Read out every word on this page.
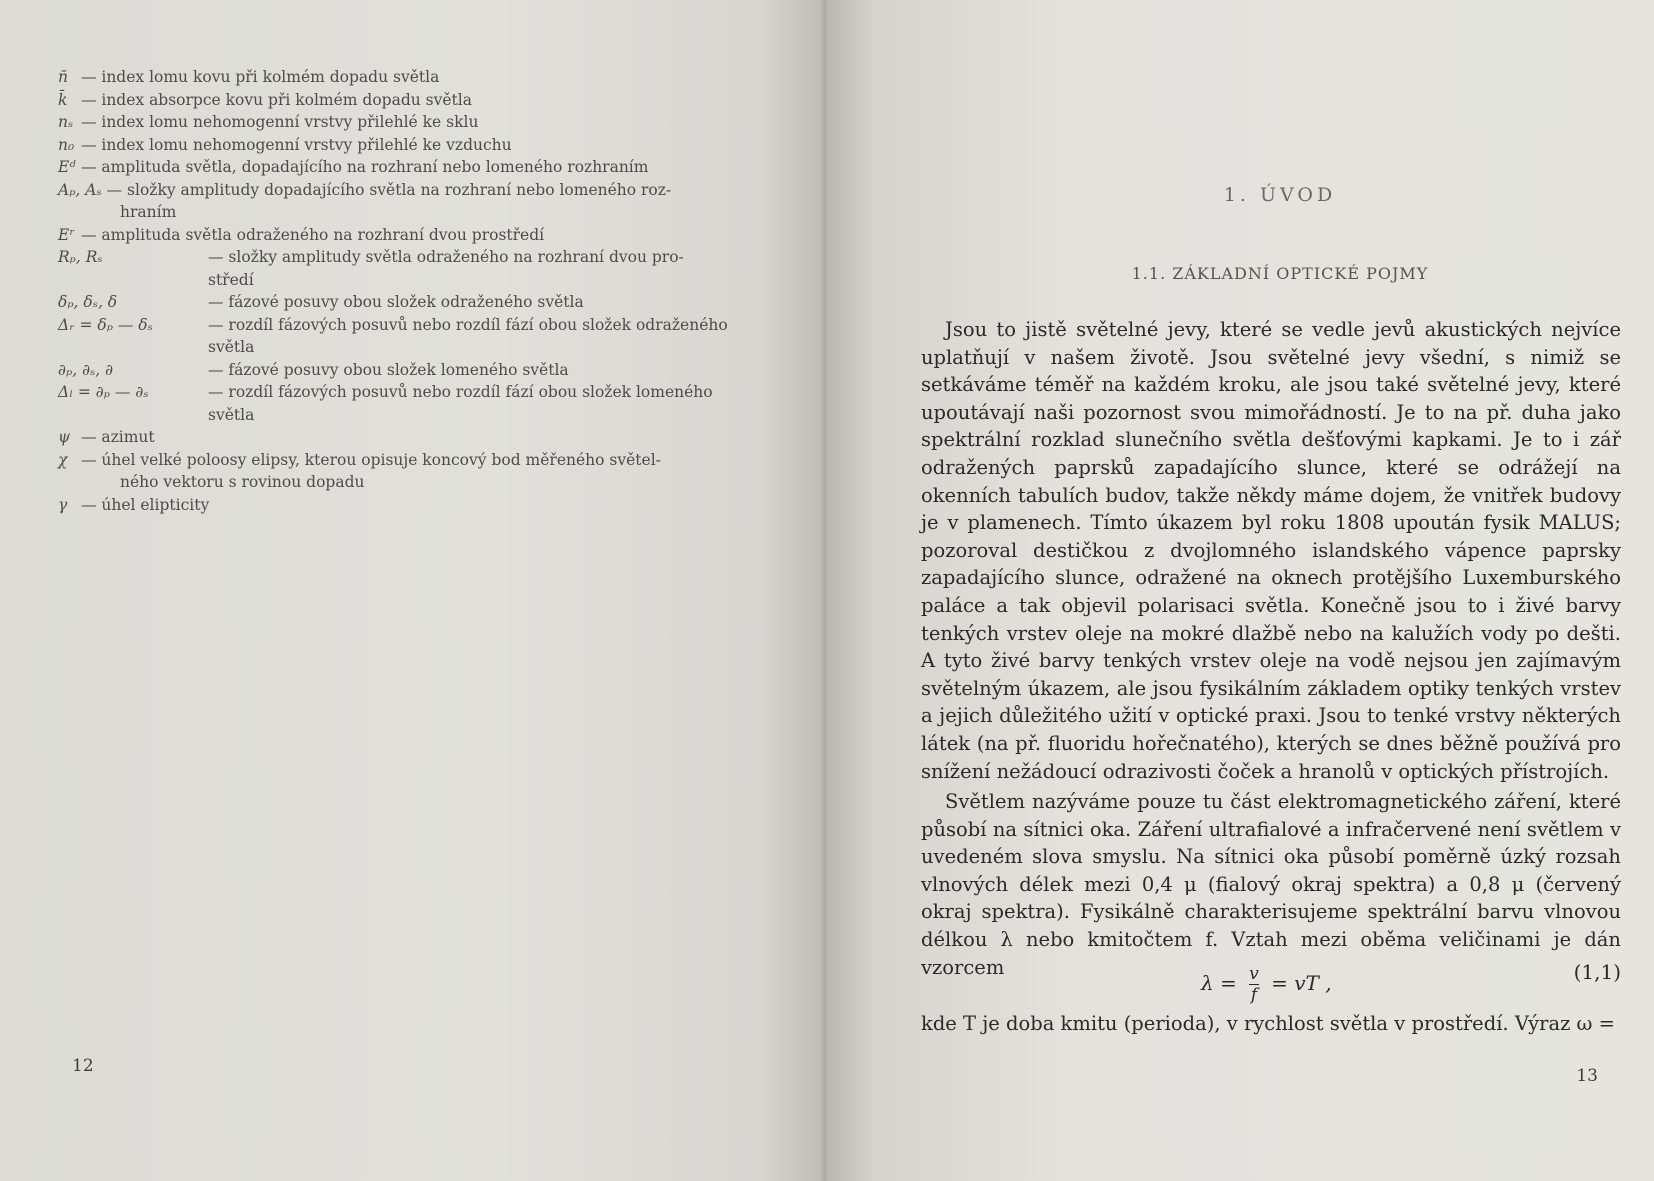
n̄ — index lomu kovu při kolmém dopadu světla
k̄ — index absorpce kovu při kolmém dopadu světla
nₛ — index lomu nehomogenní vrstvy přilehlé ke sklu
n₀ — index lomu nehomogenní vrstvy přilehlé ke vzduchu
Eᵈ — amplituda světla, dopadajícího na rozhraní nebo lomeného rozhraním
Aₚ, Aₛ — složky amplitudy dopadajícího světla na rozhraní nebo lomeného roz-
hraním
Eʳ — amplituda světla odraženého na rozhraní dvou prostředí
Rₚ, Rₛ	— složky amplitudy světla odraženého na rozhraní dvou pro-
středí
δₚ, δₛ, δ	— fázové posuvy obou složek odraženého světla
Δᵣ = δₚ — δₛ	— rozdíl fázových posuvů nebo rozdíl fází obou složek odraženého
světla
∂ₚ, ∂ₛ, ∂	— fázové posuvy obou složek lomeného světla
Δₗ = ∂ₚ — ∂ₛ	— rozdíl fázových posuvů nebo rozdíl fází obou složek lomeného
světla
ψ — azimut
χ — úhel velké poloosy elipsy, kterou opisuje koncový bod měřeného světel-
ného vektoru s rovinou dopadu
γ — úhel elipticity
12
1. ÚVOD
1.1. ZÁKLADNÍ OPTICKÉ POJMY

Jsou to jistě světelné jevy, které se vedle jevů akustických nejvíce uplatňují v našem životě. Jsou světelné jevy všední, s nimiž se setkáváme téměř na každém kroku, ale jsou také světelné jevy, které upoutávají naši pozornost svou mimořádností. Je to na př. duha jako spektrální rozklad slunečního světla dešťovými kapkami. Je to i zář odražených paprsků zapadajícího slunce, které se odrážejí na okenních tabulích budov, takže někdy máme dojem, že vnitřek budovy je v plamenech. Tímto úkazem byl roku 1808 upoután fysik MALUS; pozoroval destičkou z dvojlomného islandského vápence paprsky zapadajícího slunce, odražené na oknech protějšího Luxemburského paláce a tak objevil polarisaci světla. Konečně jsou to i živé barvy tenkých vrstev oleje na mokré dlažbě nebo na kalužích vody po dešti. A tyto živé barvy tenkých vrstev oleje na vodě nejsou jen zajímavým světelným úkazem, ale jsou fysikálním základem optiky tenkých vrstev a jejich důležitého užití v optické praxi. Jsou to tenké vrstvy některých látek (na př. fluoridu hořečnatého), kterých se dnes běžně používá pro snížení nežádoucí odrazivosti čoček a hranolů v optických přístrojích.

Světlem nazýváme pouze tu část elektromagnetického záření, které působí na sítnici oka. Záření ultrafialové a infračervené není světlem v uvedeném slova smyslu. Na sítnici oka působí poměrně úzký rozsah vlnových délek mezi 0,4 μ (fialový okraj spektra) a 0,8 μ (červený okraj spektra). Fysikálně charakterisujeme spektrální barvu vlnovou délkou λ nebo kmitočtem f. Vztah mezi oběma veličinami je dán vzorcem

$\lambda = \frac{v}{f}$ = vT ,	(1,1)
kde T je doba kmitu (perioda), v rychlost světla v prostředí. Výraz ω =
13
